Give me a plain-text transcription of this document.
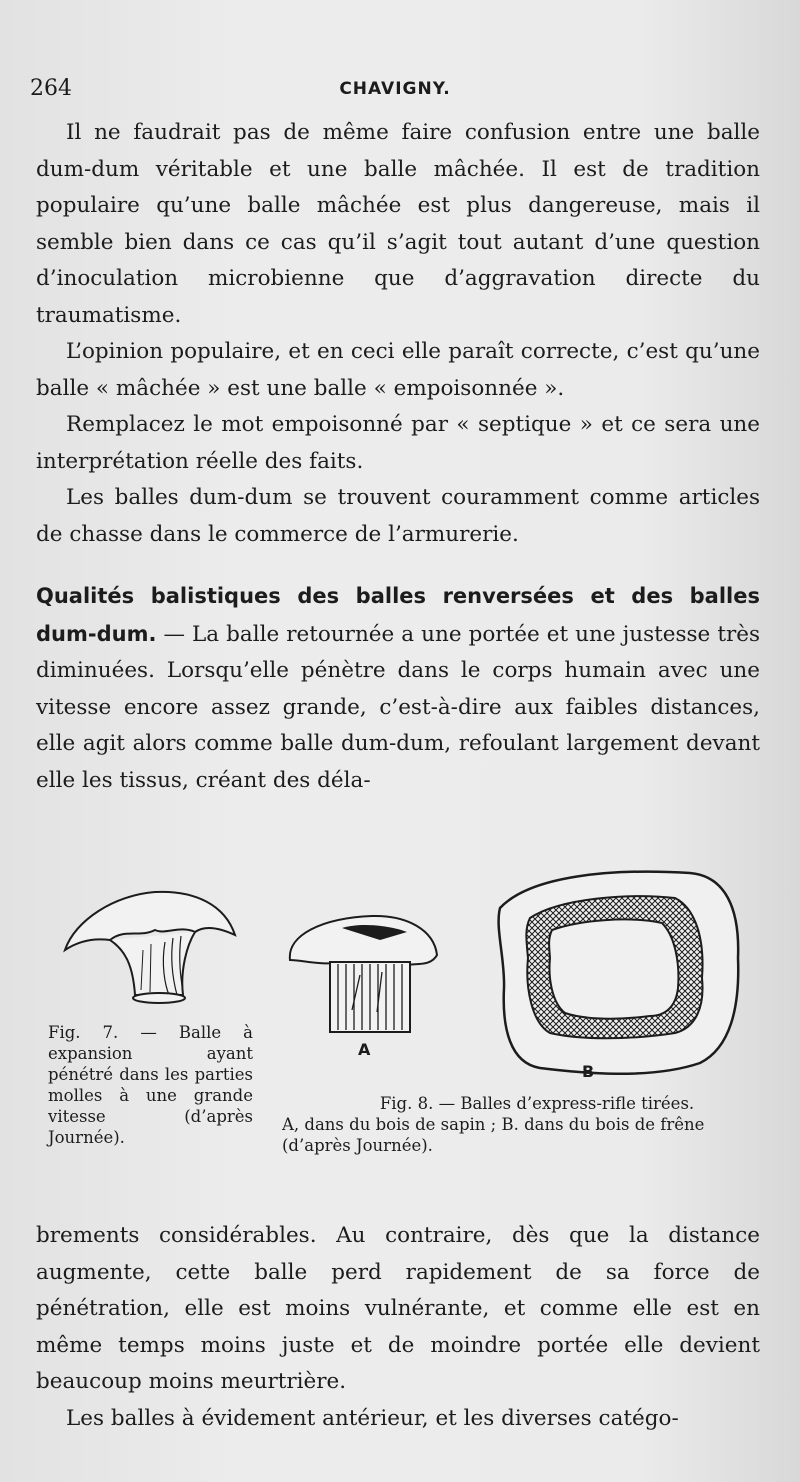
264	CHAVIGNY.

Il ne faudrait pas de même faire confusion entre une balle dum-dum véritable et une balle mâchée. Il est de tradition populaire qu’une balle mâchée est plus dangereuse, mais il semble bien dans ce cas qu’il s’agit tout autant d’une question d’inoculation microbienne que d’aggravation directe du traumatisme.

L’opinion populaire, et en ceci elle paraît correcte, c’est qu’une balle « mâchée » est une balle « empoisonnée ».

Remplacez le mot empoisonné par « septique » et ce sera une interprétation réelle des faits.

Les balles dum-dum se trouvent couramment comme articles de chasse dans le commerce de l’armurerie.

Qualités balistiques des balles renversées et des balles dum-dum. — La balle retournée a une portée et une justesse très diminuées. Lorsqu’elle pénètre dans le corps humain avec une vitesse encore assez grande, c’est-à-dire aux faibles distances, elle agit alors comme balle dum-dum, refoulant largement devant elle les tissus, créant des déla-

A
B
Fig. 7. — Balle à expansion ayant pénétré dans les parties molles à une grande vitesse (d’après Journée).
Fig. 8. — Balles d’express-rifle tirées.
A, dans du bois de sapin ; B. dans du bois de frêne (d’après Journée).

brements considérables. Au contraire, dès que la distance augmente, cette balle perd rapidement de sa force de pénétration, elle est moins vulnérante, et comme elle est en même temps moins juste et de moindre portée elle devient beaucoup moins meurtrière.

Les balles à évidement antérieur, et les diverses catégo-
